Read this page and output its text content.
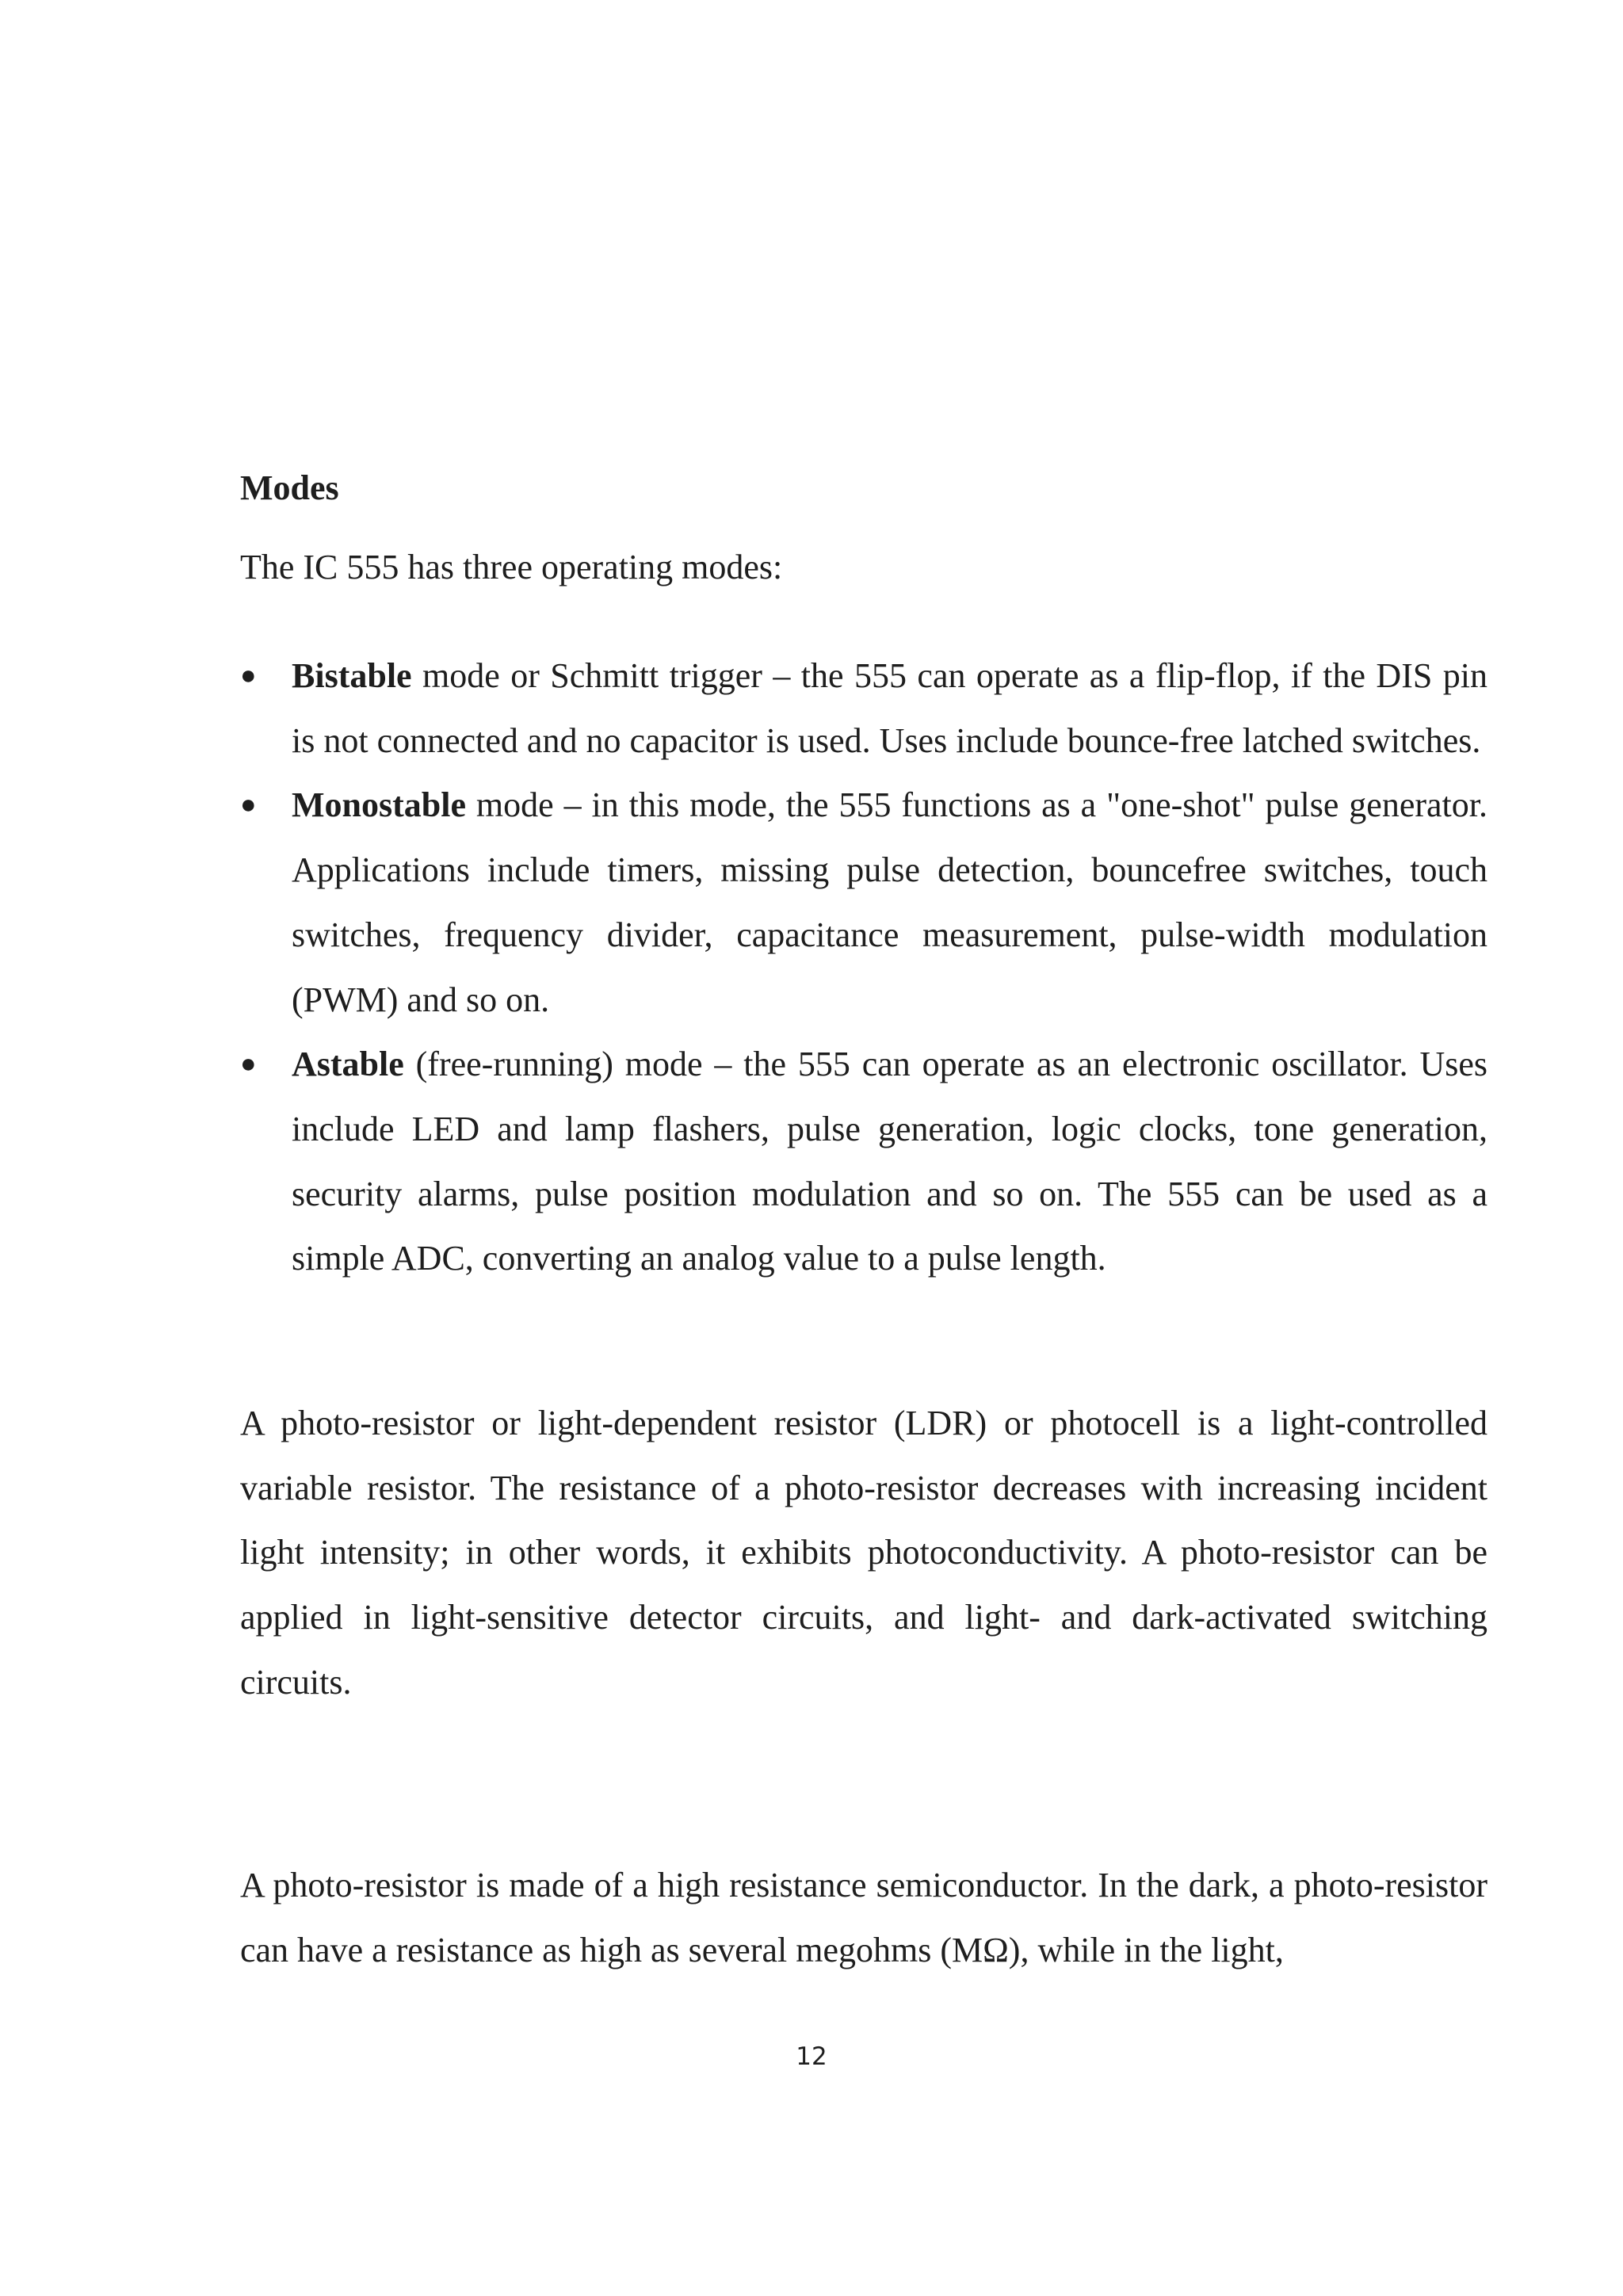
Modes

The IC 555 has three operating modes:

● Bistable mode or Schmitt trigger – the 555 can operate as a flip-flop, if the DIS pin is not connected and no capacitor is used. Uses include bounce-free latched switches.
● Monostable mode – in this mode, the 555 functions as a "one-shot" pulse generator. Applications include timers, missing pulse detection, bouncefree switches, touch switches, frequency divider, capacitance measurement, pulse-width modulation (PWM) and so on.
● Astable (free-running) mode – the 555 can operate as an electronic oscillator. Uses include LED and lamp flashers, pulse generation, logic clocks, tone generation, security alarms, pulse position modulation and so on. The 555 can be used as a simple ADC, converting an analog value to a pulse length.

A photo-resistor or light-dependent resistor (LDR) or photocell is a light-controlled variable resistor. The resistance of a photo-resistor decreases with increasing incident light intensity; in other words, it exhibits photoconductivity. A photo-resistor can be applied in light-sensitive detector circuits, and light- and dark-activated switching circuits.

A photo-resistor is made of a high resistance semiconductor. In the dark, a photo-resistor can have a resistance as high as several megohms (MΩ), while in the light,

12
